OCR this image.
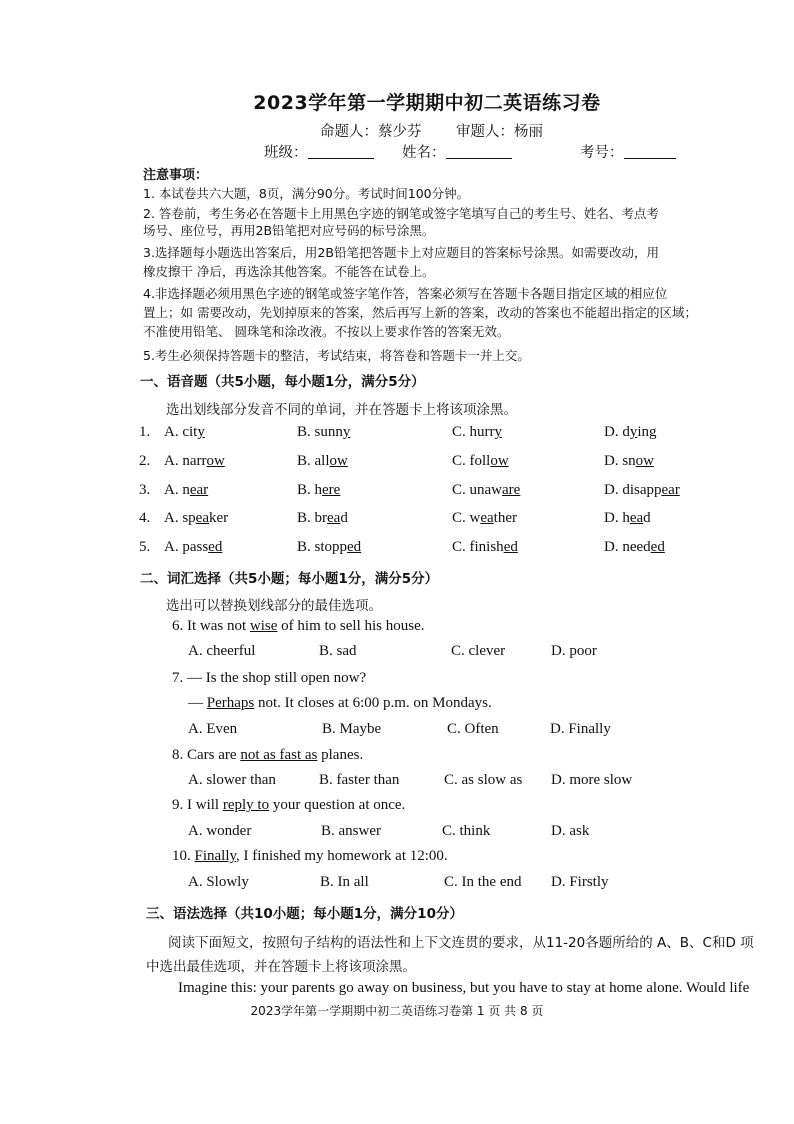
2023学年第一学期期中初二英语练习卷
命题人：蔡少芬 审题人：杨丽
班级：	姓名：	考号：
注意事项：
1. 本试卷共六大题，8页，满分90分。考试时间100分钟。
2. 答卷前，考生务必在答题卡上用黑色字迹的钢笔或签字笔填写自己的考生号、姓名、考点考
场号、座位号，再用2B铅笔把对应号码的标号涂黑。
3.选择题每小题选出答案后，用2B铅笔把答题卡上对应题目的答案标号涂黑。如需要改动，用
橡皮擦干 净后，再选涂其他答案。不能答在试卷上。
4.非选择题必须用黑色字迹的钢笔或签字笔作答，答案必须写在答题卡各题目指定区域的相应位
置上；如 需要改动，先划掉原来的答案，然后再写上新的答案，改动的答案也不能超出指定的区域；
不准使用铅笔、 圆珠笔和涂改液。不按以上要求作答的答案无效。
5.考生必须保持答题卡的整洁，考试结束，将答卷和答题卡一并上交。
一、语音题（共5小题，每小题1分，满分5分）
选出划线部分发音不同的单词，并在答题卡上将该项涂黑。
1. A. city	B. sunny	C. hurry	D. dying
2. A. narrow	B. allow	C. follow	D. snow
3. A. near	B. here	C. unaware	D. disappear
4. A. speaker	B. bread	C. weather	D. head
5. A. passed	B. stopped	C. finished	D. needed
二、词汇选择（共5小题；每小题1分，满分5分）
选出可以替换划线部分的最佳选项。
6. It was not wise of him to sell his house.
A. cheerful	B. sad	C. clever	D. poor
7. — Is the shop still open now?
— Perhaps not. It closes at 6:00 p.m. on Mondays.
A. Even	B. Maybe	C. Often	D. Finally
8. Cars are not as fast as planes.
A. slower than	B. faster than	C. as slow as D. more slow
9. I will reply to your question at once.
A. wonder	B. answer	C. think	D. ask
10. Finally, I finished my homework at 12:00.
A. Slowly	B. In all	C. In the end D. Firstly
三、语法选择（共10小题；每小题1分，满分10分）
阅读下面短文，按照句子结构的语法性和上下文连贯的要求，从11-20各题所给的 A、B、C和D 项
中选出最佳选项，并在答题卡上将该项涂黑。
Imagine this: your parents go away on business, but you have to stay at home alone. Would life
2023学年第一学期期中初二英语练习卷第 1 页 共 8 页
